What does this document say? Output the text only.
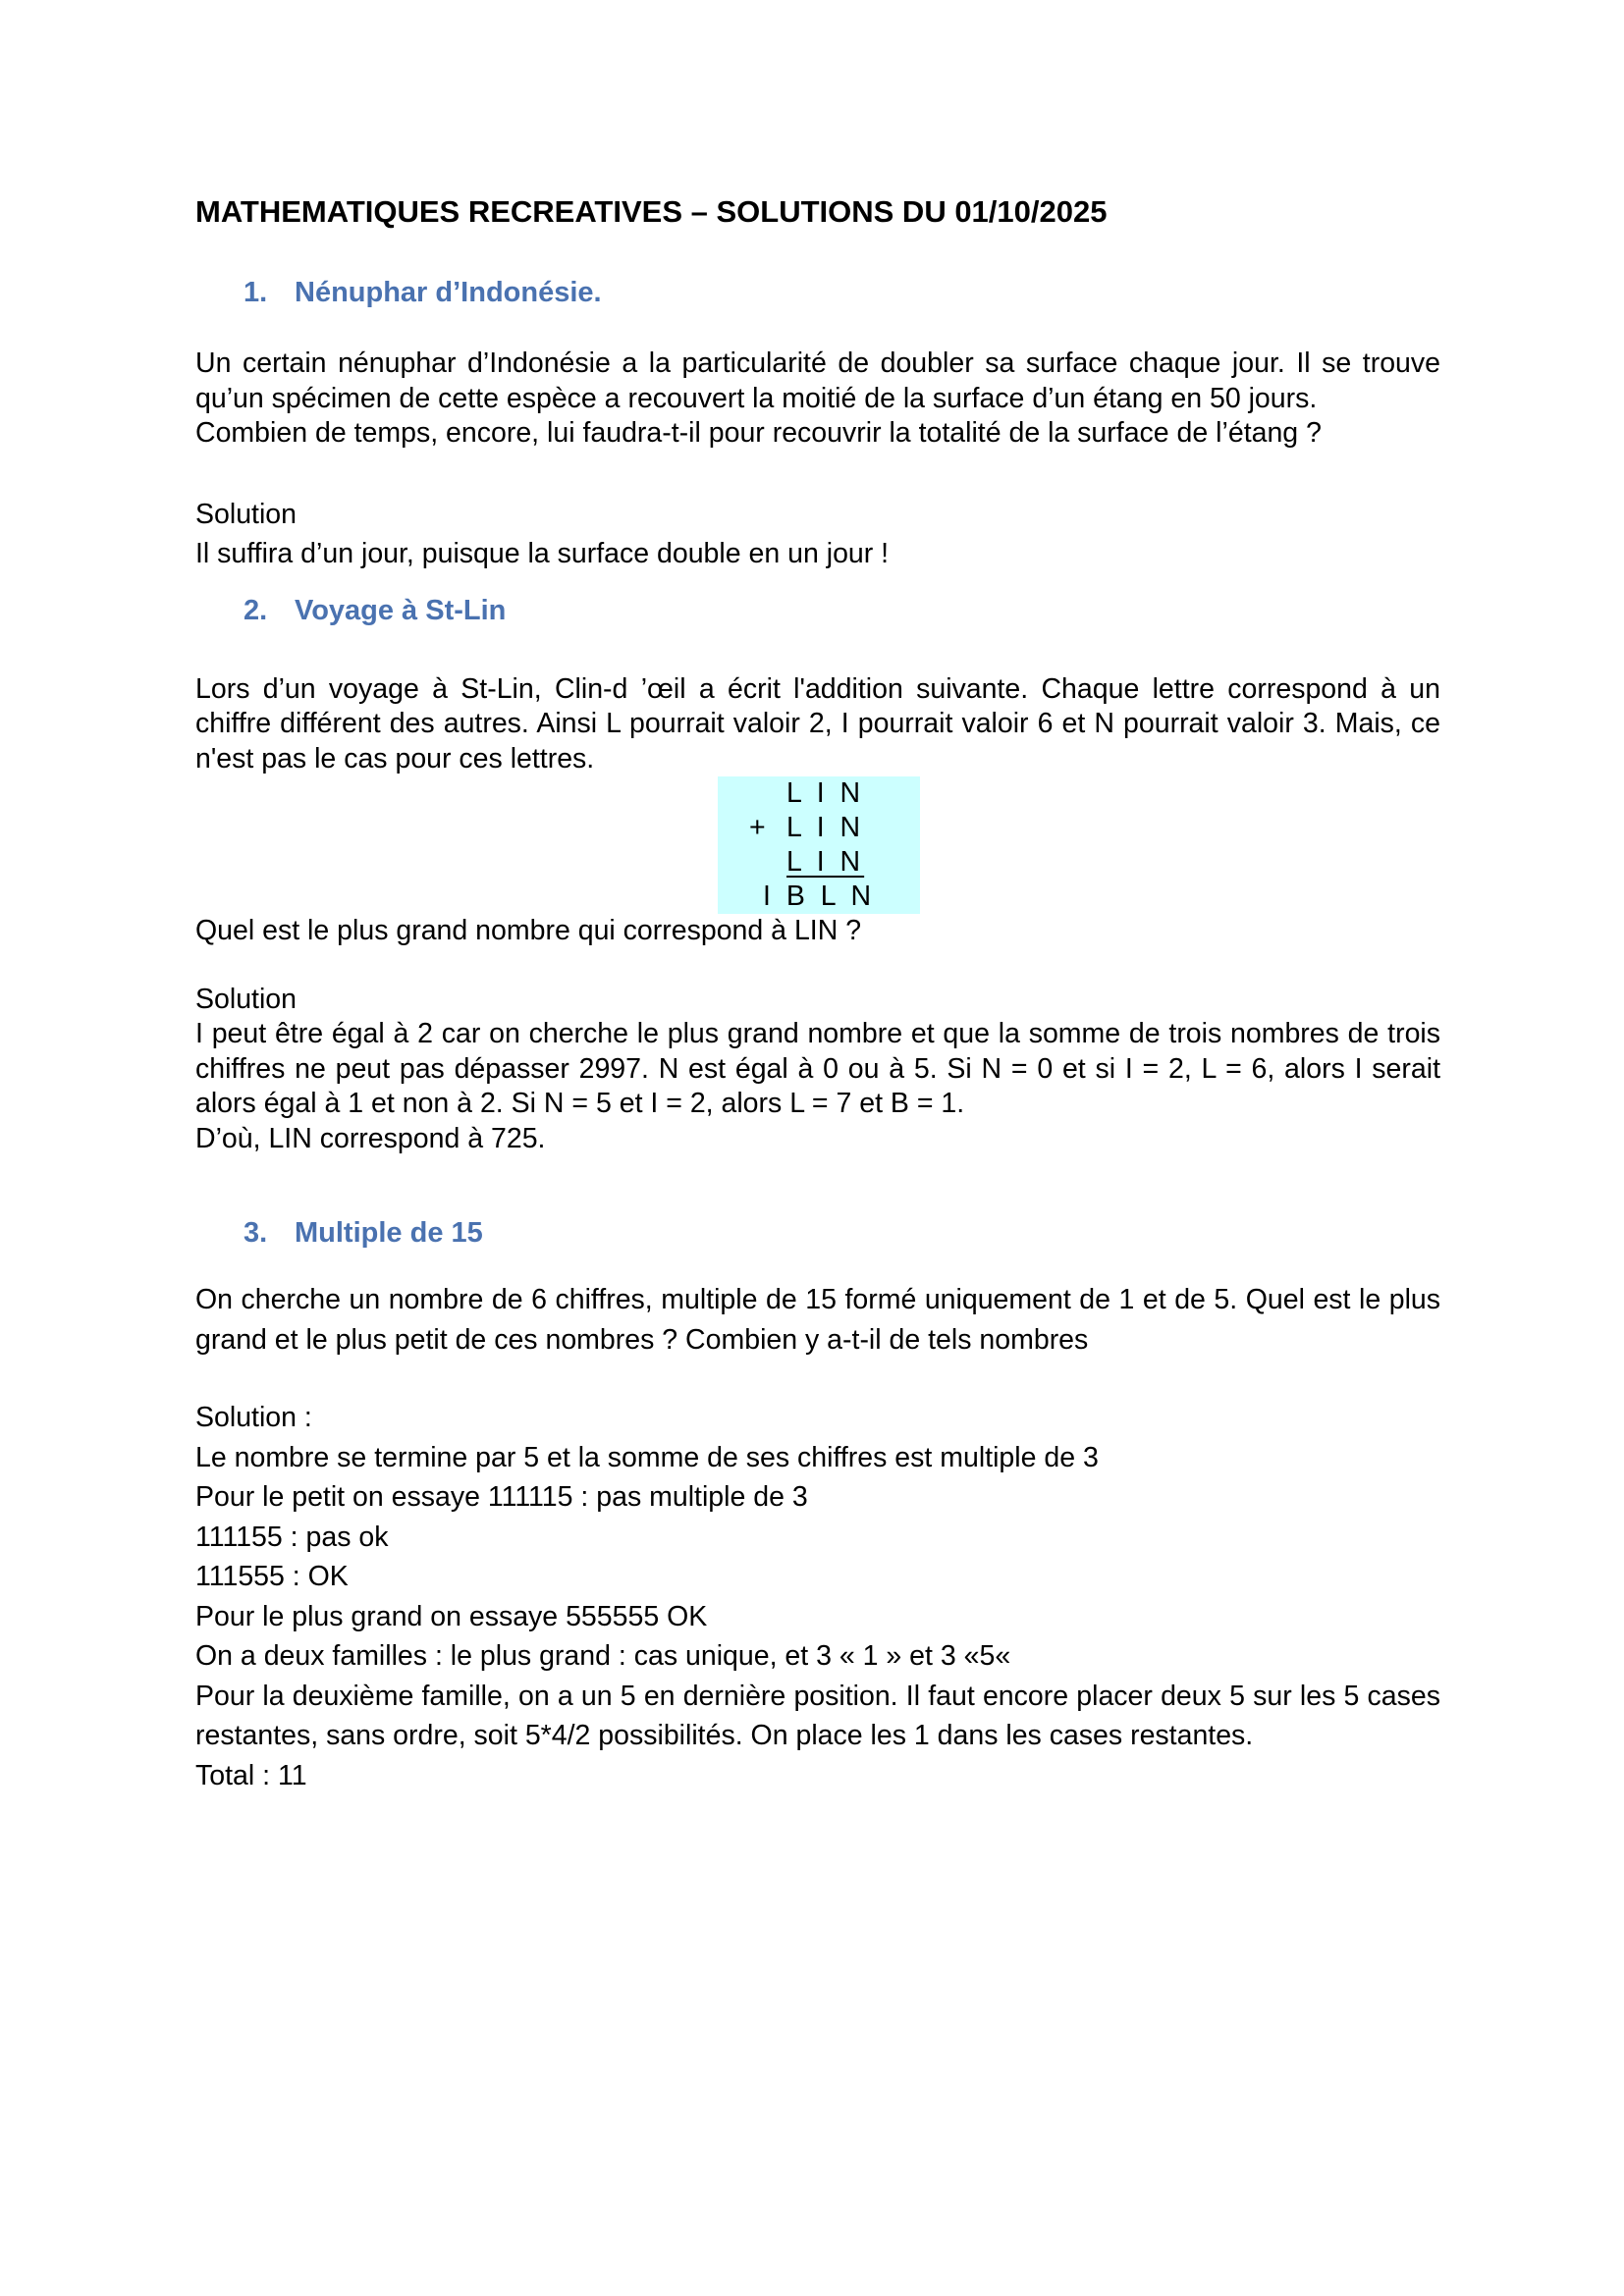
MATHEMATIQUES RECREATIVES – SOLUTIONS DU 01/10/2025
1. Nénuphar d’Indonésie.

Un certain nénuphar d’Indonésie a la particularité de doubler sa surface chaque jour. Il se trouve qu’un spécimen de cette espèce a recouvert la moitié de la surface d’un étang en 50 jours.

Combien de temps, encore, lui faudra-t-il pour recouvrir la totalité de la surface de l’étang ?

Solution

Il suffira d’un jour, puisque la surface double en un jour !

2. Voyage à St-Lin

Lors d’un voyage à St-Lin, Clin-d ’œil a écrit l'addition suivante. Chaque lettre correspond à un chiffre différent des autres. Ainsi L pourrait valoir 2, I pourrait valoir 6 et N pourrait valoir 3. Mais, ce n'est pas le cas pour ces lettres.

L I N
+ L I N
L I N
I B L N

Quel est le plus grand nombre qui correspond à LIN ?

Solution

I peut être égal à 2 car on cherche le plus grand nombre et que la somme de trois nombres de trois chiffres ne peut pas dépasser 2997. N est égal à 0 ou à 5. Si N = 0 et si I = 2, L = 6, alors I serait alors égal à 1 et non à 2. Si N = 5 et I = 2, alors L = 7 et B = 1.

D’où, LIN correspond à 725.

3. Multiple de 15

On cherche un nombre de 6 chiffres, multiple de 15 formé uniquement de 1 et de 5. Quel est le plus grand et le plus petit de ces nombres ? Combien y a-t-il de tels nombres

Solution :

Le nombre se termine par 5 et la somme de ses chiffres est multiple de 3

Pour le petit on essaye 111115 : pas multiple de 3

111155 : pas ok

111555 : OK

Pour le plus grand on essaye 555555 OK

On a deux familles : le plus grand : cas unique, et 3 « 1 » et 3 «5«

Pour la deuxième famille, on a un 5 en dernière position. Il faut encore placer deux 5 sur les 5 cases restantes, sans ordre, soit 5*4/2 possibilités. On place les 1 dans les cases restantes.

Total : 11
